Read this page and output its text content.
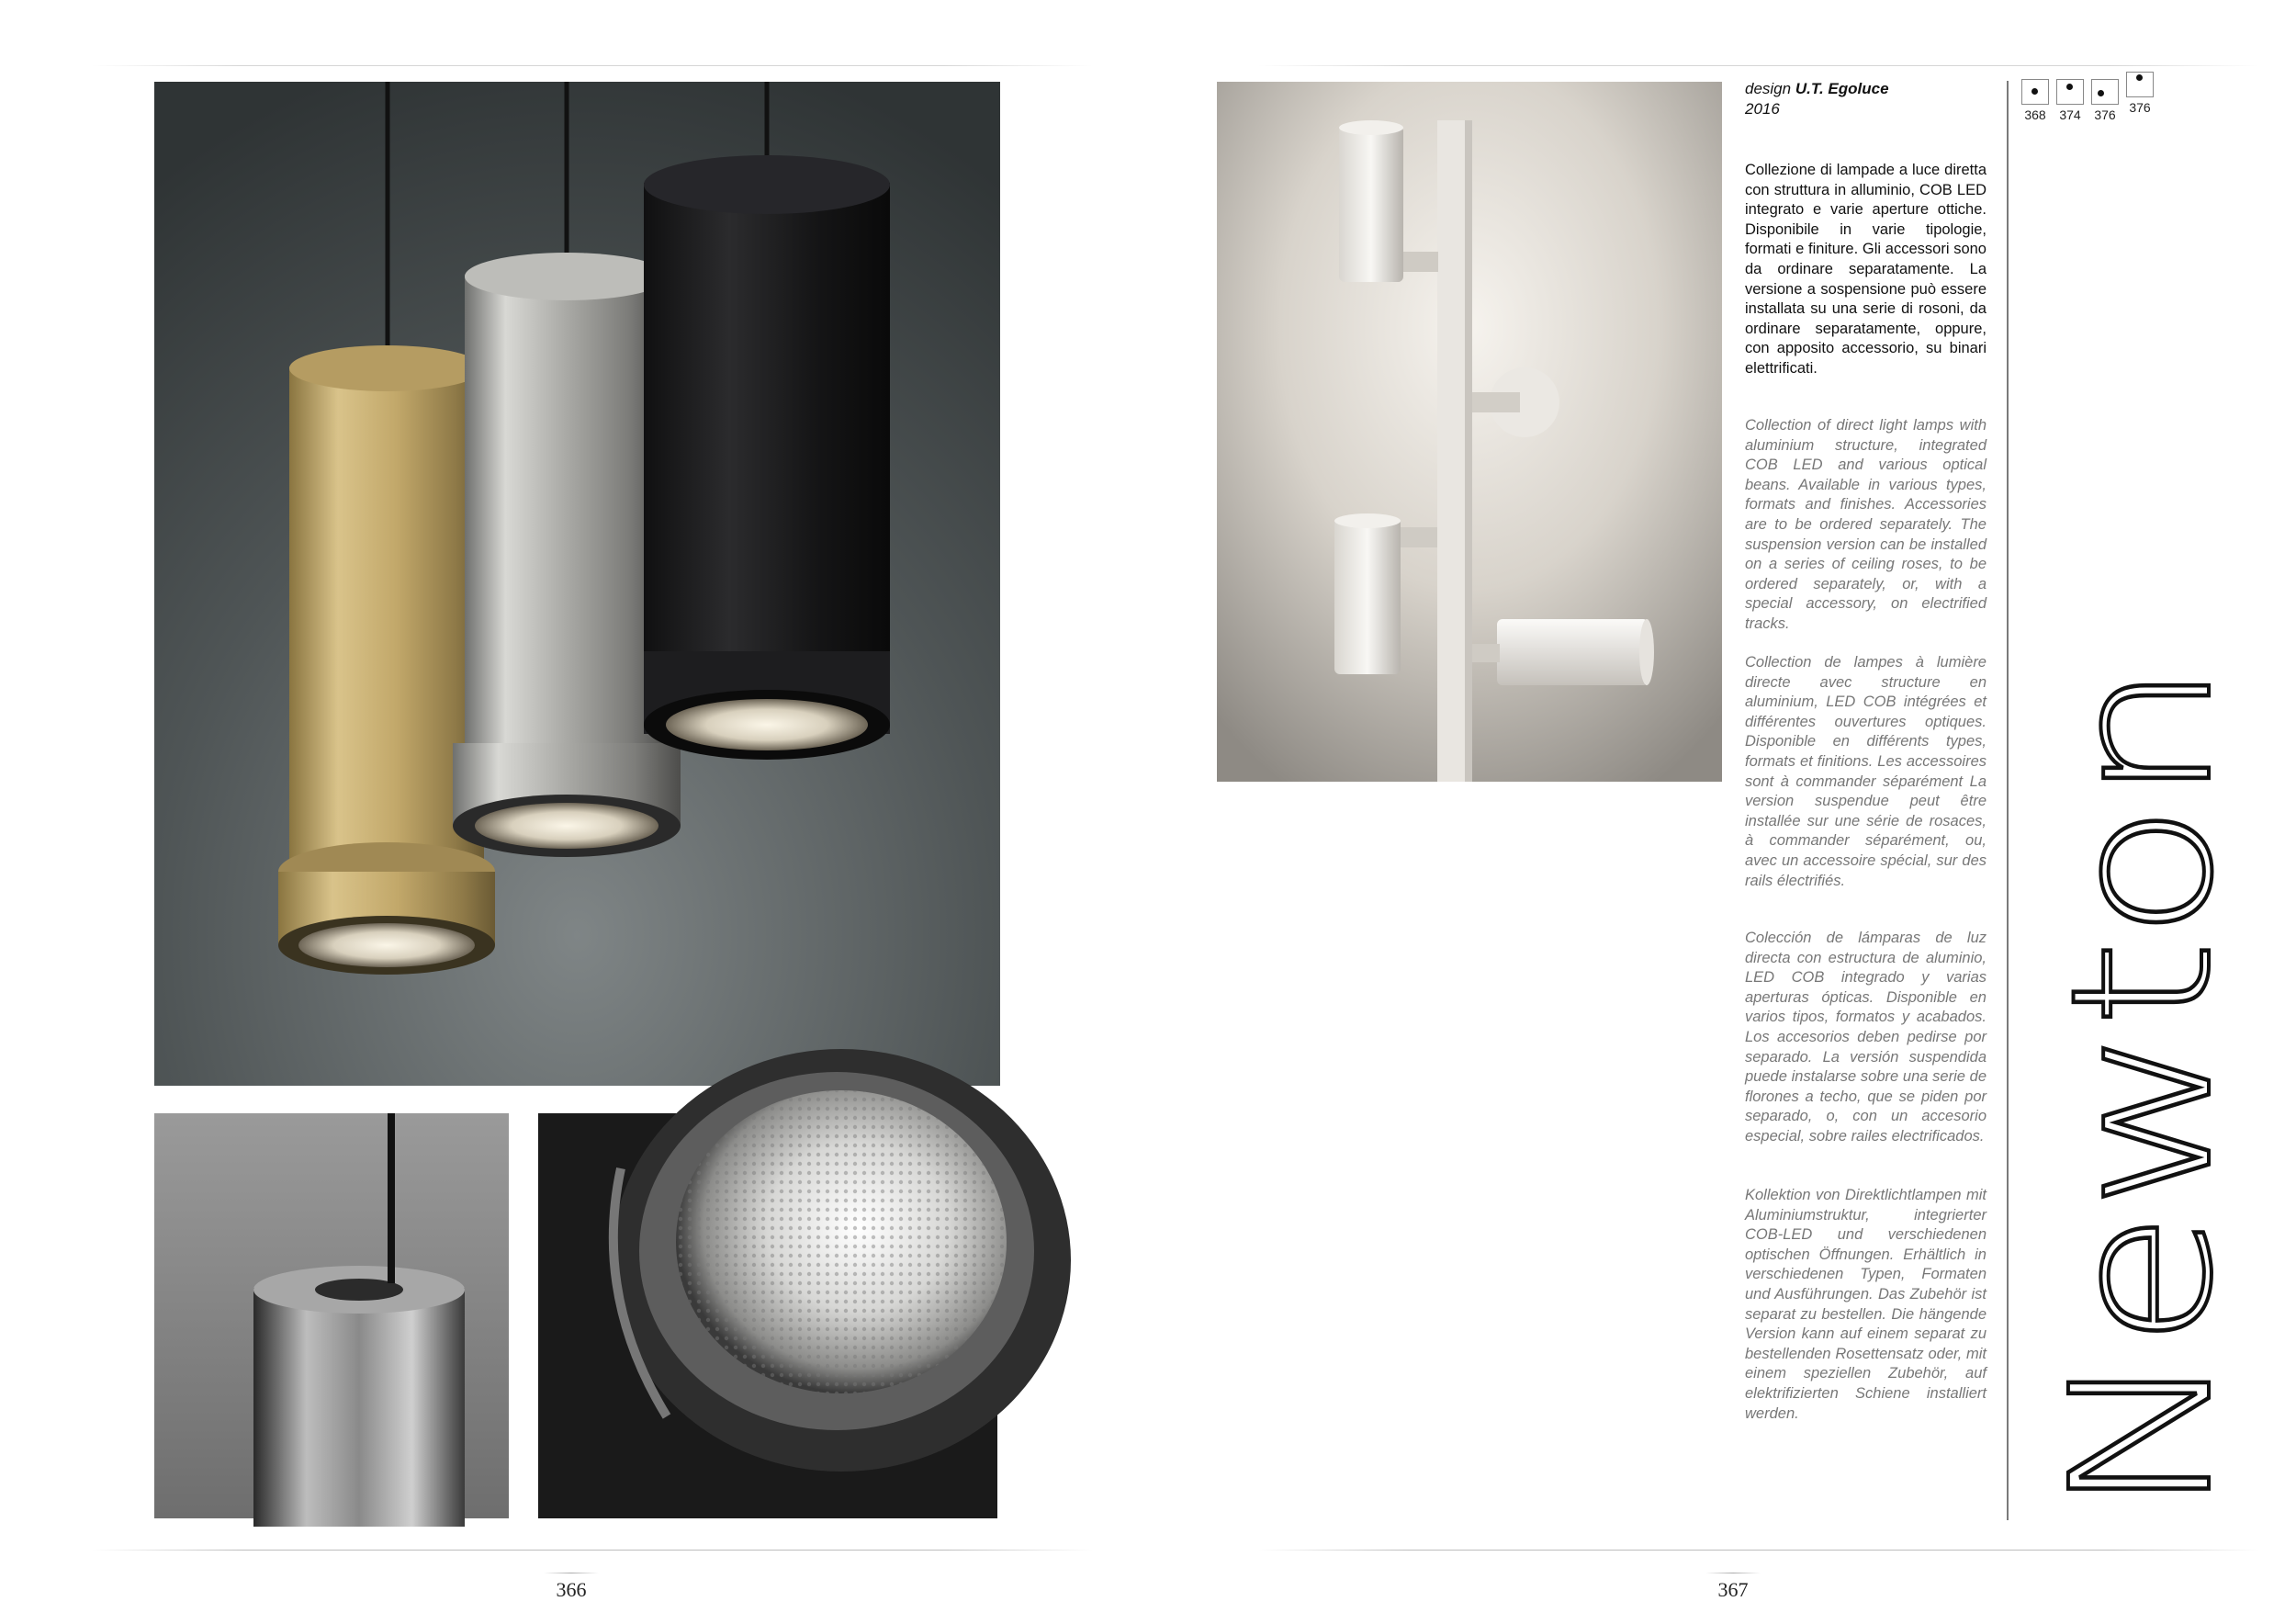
366
design U.T. Egoluce
2016
Collezione di lampade a luce diretta con struttura in alluminio, COB LED integrato e varie aperture ottiche. Disponibile in varie tipologie, formati e finiture. Gli accessori sono da ordinare separatamente. La versione a sospensione può essere installata su una serie di rosoni, da ordinare separatamente, oppure, con apposito accessorio, su binari elettrificati.
Collection of direct light lamps with aluminium structure, integrated COB LED and various optical beans. Available in various types, formats and finishes. Accessories are to be ordered separately. The suspension version can be installed on a series of ceiling roses, to be ordered separately, or, with a special accessory, on electrified tracks.
Collection de lampes à lumière directe avec structure en aluminium, LED COB intégrées et différentes ouvertures optiques. Disponible en différents types, formats et finitions. Les accessoires sont à commander séparément La version suspendue peut être installée sur une série de rosaces, à commander séparément, ou, avec un accessoire spécial, sur des rails électrifiés.
Colección de lámparas de luz directa con estructura de aluminio, LED COB integrado y varias aperturas ópticas. Disponible en varios tipos, formatos y acabados. Los accesorios deben pedirse por separado. La versión suspendida puede instalarse sobre una serie de florones a techo, que se piden por separado, o, con un accesorio especial, sobre railes electrificados.
Kollektion von Direktlichtlampen mit Aluminiumstruktur, integrierter COB-LED und verschiedenen optischen Öffnungen. Erhältlich in verschiedenen Typen, Formaten und Ausführungen. Das Zubehör ist separat zu bestellen. Die hängende Version kann auf einem separat zu bestellenden Rosettensatz oder, mit einem speziellen Zubehör, auf elektrifizierten Schiene installiert werden.
368	374	376	376
Newton
367
